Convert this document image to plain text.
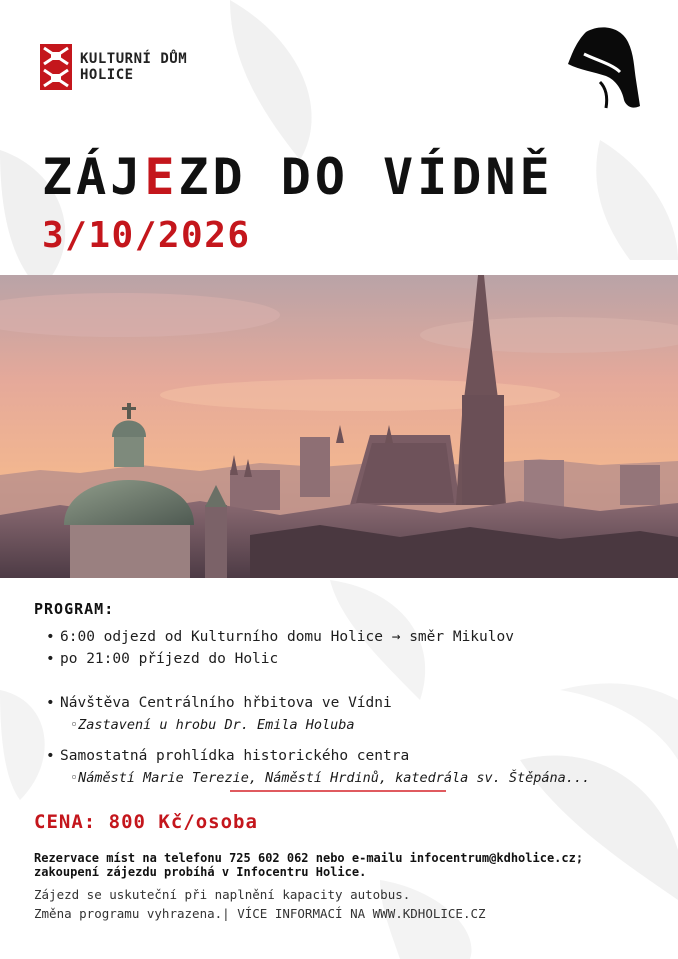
KULTURNÍ DŮM
HOLICE
ZÁJEZD DO VÍDNĚ
3/10/2026
PROGRAM:
• 6:00 odjezd od Kulturního domu Holice → směr Mikulov
• po 21:00 příjezd do Holic
• Návštěva Centrálního hřbitova ve Vídni
◦ Zastavení u hrobu Dr. Emila Holuba
• Samostatná prohlídka historického centra
◦ Náměstí Marie Terezie, Náměstí Hrdinů, katedrála sv. Štěpána...
CENA: 800 Kč/osoba
Rezervace míst na telefonu 725 602 062 nebo e-mailu infocentrum@kdholice.cz;
zakoupení zájezdu probíhá v Infocentru Holice.
Zájezd se uskuteční při naplnění kapacity autobus.
Změna programu vyhrazena.| VÍCE INFORMACÍ NA WWW.KDHOLICE.CZ
